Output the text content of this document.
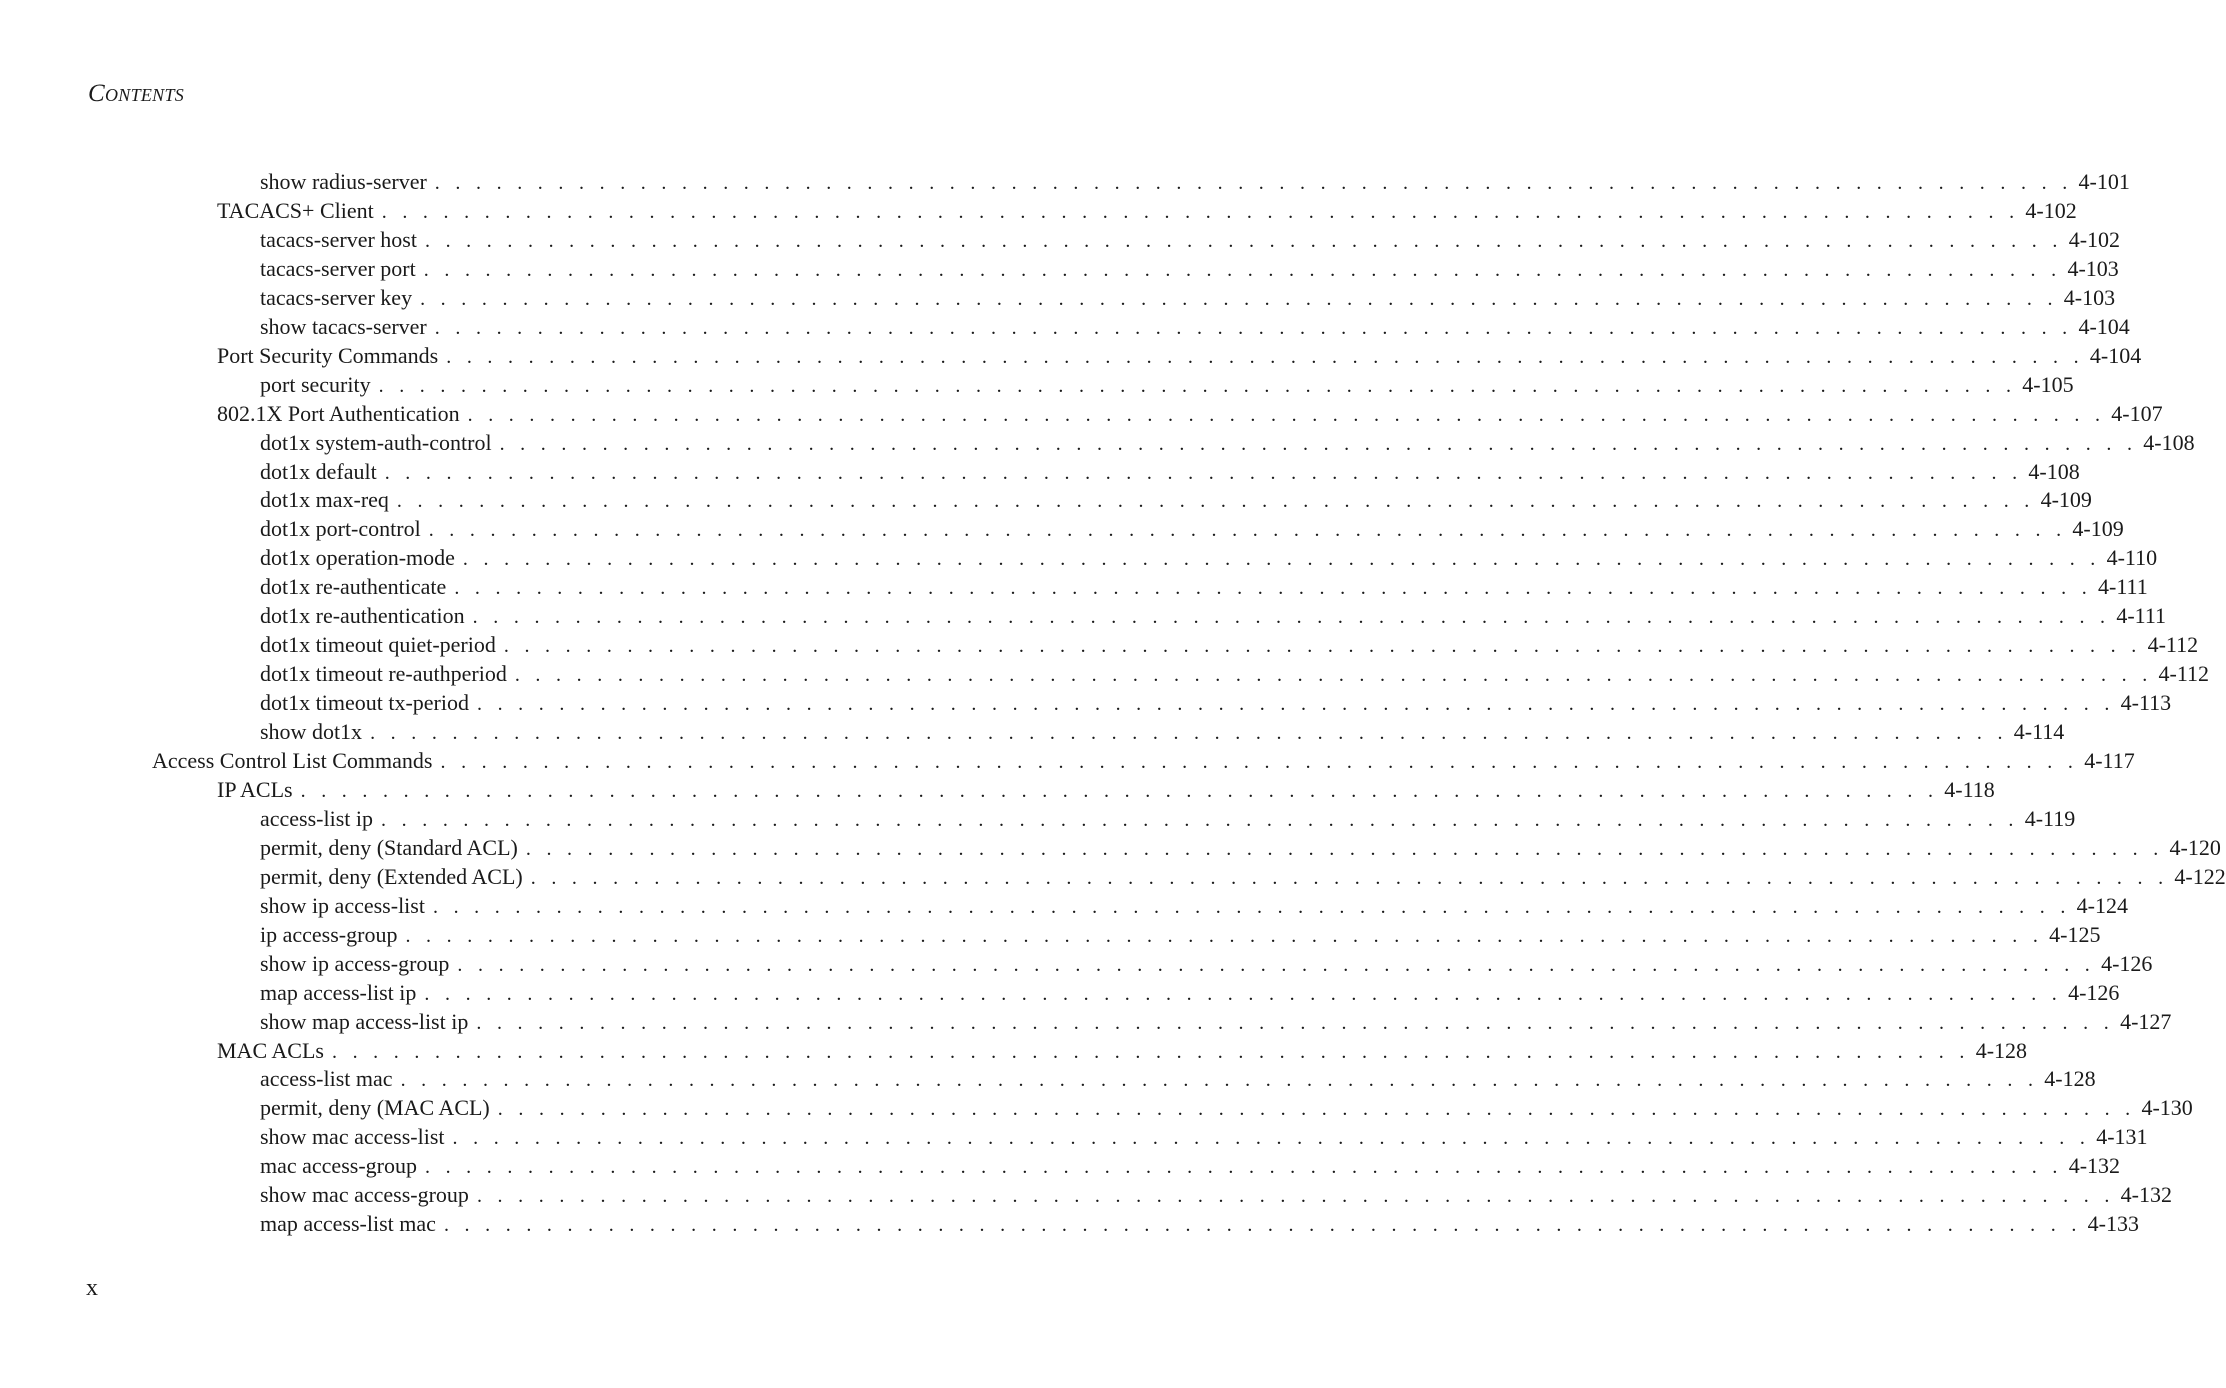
Contents
show radius-server . . . . . . . . . . . . . . . . . . . . . . . . . . . . . . . . . . . . . . . . . . . . . . . . . . . . . . . . . . . . . . . . . . . . . . . . . . . . . . . . 4-101
TACACS+ Client . . . . . . . . . . . . . . . . . . . . . . . . . . . . . . . . . . . . . . . . . . . . . . . . . . . . . . . . . . . . . . . . . . . . . . . . . . . . . . . . 4-102
tacacs-server host . . . . . . . . . . . . . . . . . . . . . . . . . . . . . . . . . . . . . . . . . . . . . . . . . . . . . . . . . . . . . . . . . . . . . . . . . . . . . . . . 4-102
tacacs-server port . . . . . . . . . . . . . . . . . . . . . . . . . . . . . . . . . . . . . . . . . . . . . . . . . . . . . . . . . . . . . . . . . . . . . . . . . . . . . . . . 4-103
tacacs-server key . . . . . . . . . . . . . . . . . . . . . . . . . . . . . . . . . . . . . . . . . . . . . . . . . . . . . . . . . . . . . . . . . . . . . . . . . . . . . . . . 4-103
show tacacs-server . . . . . . . . . . . . . . . . . . . . . . . . . . . . . . . . . . . . . . . . . . . . . . . . . . . . . . . . . . . . . . . . . . . . . . . . . . . . . . . . 4-104
Port Security Commands . . . . . . . . . . . . . . . . . . . . . . . . . . . . . . . . . . . . . . . . . . . . . . . . . . . . . . . . . . . . . . . . . . . . . . . . . . . . . . . . 4-104
port security . . . . . . . . . . . . . . . . . . . . . . . . . . . . . . . . . . . . . . . . . . . . . . . . . . . . . . . . . . . . . . . . . . . . . . . . . . . . . . . . 4-105
802.1X Port Authentication . . . . . . . . . . . . . . . . . . . . . . . . . . . . . . . . . . . . . . . . . . . . . . . . . . . . . . . . . . . . . . . . . . . . . . . . . . . . . . . . 4-107
dot1x system-auth-control . . . . . . . . . . . . . . . . . . . . . . . . . . . . . . . . . . . . . . . . . . . . . . . . . . . . . . . . . . . . . . . . . . . . . . . . . . . . . . . . 4-108
dot1x default . . . . . . . . . . . . . . . . . . . . . . . . . . . . . . . . . . . . . . . . . . . . . . . . . . . . . . . . . . . . . . . . . . . . . . . . . . . . . . . . 4-108
dot1x max-req . . . . . . . . . . . . . . . . . . . . . . . . . . . . . . . . . . . . . . . . . . . . . . . . . . . . . . . . . . . . . . . . . . . . . . . . . . . . . . . . 4-109
dot1x port-control . . . . . . . . . . . . . . . . . . . . . . . . . . . . . . . . . . . . . . . . . . . . . . . . . . . . . . . . . . . . . . . . . . . . . . . . . . . . . . . . 4-109
dot1x operation-mode . . . . . . . . . . . . . . . . . . . . . . . . . . . . . . . . . . . . . . . . . . . . . . . . . . . . . . . . . . . . . . . . . . . . . . . . . . . . . . . . 4-110
dot1x re-authenticate . . . . . . . . . . . . . . . . . . . . . . . . . . . . . . . . . . . . . . . . . . . . . . . . . . . . . . . . . . . . . . . . . . . . . . . . . . . . . . . . 4-111
dot1x re-authentication . . . . . . . . . . . . . . . . . . . . . . . . . . . . . . . . . . . . . . . . . . . . . . . . . . . . . . . . . . . . . . . . . . . . . . . . . . . . . . . . 4-111
dot1x timeout quiet-period . . . . . . . . . . . . . . . . . . . . . . . . . . . . . . . . . . . . . . . . . . . . . . . . . . . . . . . . . . . . . . . . . . . . . . . . . . . . . . . . 4-112
dot1x timeout re-authperiod . . . . . . . . . . . . . . . . . . . . . . . . . . . . . . . . . . . . . . . . . . . . . . . . . . . . . . . . . . . . . . . . . . . . . . . . . . . . . . . . 4-112
dot1x timeout tx-period . . . . . . . . . . . . . . . . . . . . . . . . . . . . . . . . . . . . . . . . . . . . . . . . . . . . . . . . . . . . . . . . . . . . . . . . . . . . . . . . 4-113
show dot1x . . . . . . . . . . . . . . . . . . . . . . . . . . . . . . . . . . . . . . . . . . . . . . . . . . . . . . . . . . . . . . . . . . . . . . . . . . . . . . . . 4-114
Access Control List Commands . . . . . . . . . . . . . . . . . . . . . . . . . . . . . . . . . . . . . . . . . . . . . . . . . . . . . . . . . . . . . . . . . . . . . . . . . . . . . . . . 4-117
IP ACLs . . . . . . . . . . . . . . . . . . . . . . . . . . . . . . . . . . . . . . . . . . . . . . . . . . . . . . . . . . . . . . . . . . . . . . . . . . . . . . . . 4-118
access-list ip . . . . . . . . . . . . . . . . . . . . . . . . . . . . . . . . . . . . . . . . . . . . . . . . . . . . . . . . . . . . . . . . . . . . . . . . . . . . . . . . 4-119
permit, deny (Standard ACL) . . . . . . . . . . . . . . . . . . . . . . . . . . . . . . . . . . . . . . . . . . . . . . . . . . . . . . . . . . . . . . . . . . . . . . . . . . . . . . . . 4-120
permit, deny (Extended ACL) . . . . . . . . . . . . . . . . . . . . . . . . . . . . . . . . . . . . . . . . . . . . . . . . . . . . . . . . . . . . . . . . . . . . . . . . . . . . . . . . 4-122
show ip access-list . . . . . . . . . . . . . . . . . . . . . . . . . . . . . . . . . . . . . . . . . . . . . . . . . . . . . . . . . . . . . . . . . . . . . . . . . . . . . . . . 4-124
ip access-group . . . . . . . . . . . . . . . . . . . . . . . . . . . . . . . . . . . . . . . . . . . . . . . . . . . . . . . . . . . . . . . . . . . . . . . . . . . . . . . . 4-125
show ip access-group . . . . . . . . . . . . . . . . . . . . . . . . . . . . . . . . . . . . . . . . . . . . . . . . . . . . . . . . . . . . . . . . . . . . . . . . . . . . . . . . 4-126
map access-list ip . . . . . . . . . . . . . . . . . . . . . . . . . . . . . . . . . . . . . . . . . . . . . . . . . . . . . . . . . . . . . . . . . . . . . . . . . . . . . . . . 4-126
show map access-list ip . . . . . . . . . . . . . . . . . . . . . . . . . . . . . . . . . . . . . . . . . . . . . . . . . . . . . . . . . . . . . . . . . . . . . . . . . . . . . . . . 4-127
MAC ACLs . . . . . . . . . . . . . . . . . . . . . . . . . . . . . . . . . . . . . . . . . . . . . . . . . . . . . . . . . . . . . . . . . . . . . . . . . . . . . . . . 4-128
access-list mac . . . . . . . . . . . . . . . . . . . . . . . . . . . . . . . . . . . . . . . . . . . . . . . . . . . . . . . . . . . . . . . . . . . . . . . . . . . . . . . . 4-128
permit, deny (MAC ACL) . . . . . . . . . . . . . . . . . . . . . . . . . . . . . . . . . . . . . . . . . . . . . . . . . . . . . . . . . . . . . . . . . . . . . . . . . . . . . . . . 4-130
show mac access-list . . . . . . . . . . . . . . . . . . . . . . . . . . . . . . . . . . . . . . . . . . . . . . . . . . . . . . . . . . . . . . . . . . . . . . . . . . . . . . . . 4-131
mac access-group . . . . . . . . . . . . . . . . . . . . . . . . . . . . . . . . . . . . . . . . . . . . . . . . . . . . . . . . . . . . . . . . . . . . . . . . . . . . . . . . 4-132
show mac access-group . . . . . . . . . . . . . . . . . . . . . . . . . . . . . . . . . . . . . . . . . . . . . . . . . . . . . . . . . . . . . . . . . . . . . . . . . . . . . . . . 4-132
map access-list mac . . . . . . . . . . . . . . . . . . . . . . . . . . . . . . . . . . . . . . . . . . . . . . . . . . . . . . . . . . . . . . . . . . . . . . . . . . . . . . . . 4-133
x
